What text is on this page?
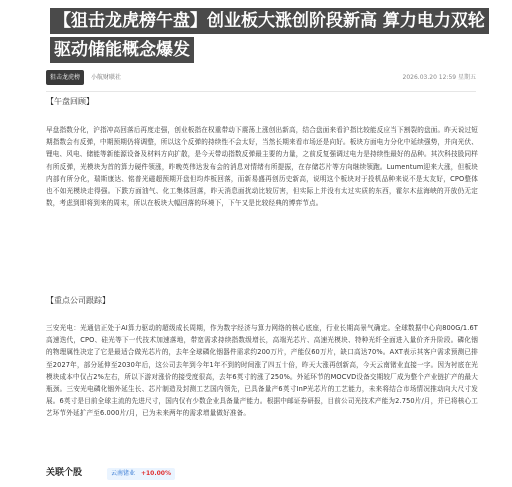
【狙击龙虎榜午盘】创业板大涨创阶段新高 算力电力双轮
驱动储能概念爆发
狙击龙虎榜	小航财联社	2026.03.20 12:59 星期五
【午盘回顾】

早盘指数分化，沪指冲高回落后再度走强，创业板指在权重带动下震荡上涨创出新高，结合盘面来看沪指比较能反应当下割裂的盘面。昨天说过短期指数会有反弹，中期预期仍将调整，所以这个反弹的持续性不会太好，当然长期来看市场还是向好。板块方面电力分化中延续强势，并向光伏、锂电、风电、储能等新能源设备及材料方向扩散，是今天带动指数反弹最主要的力量，之前反复强调过电力是持续性最好的品种。其次科技股同样有所反弹，光模块为首的算力硬件领涨，昨晚英伟达发布会的消息对情绪有所提振，在存储芯片等方向继续领跑。Lumentum迎来大涨，但板块内部有所分化，瑞斯康达、铭普光磁超预期开盘但均炸板回落，而新易盛再创历史新高，说明这个板块对于投机品种来说不是太友好，CPO整体也不如光模块走得强。下跌方面油气、化工集体回落，昨天消息面扰动比较厉害，但实际上并没有太过实质的东西，霍尔木兹海峡的开放仍无定数，考虑到即将到来的周末，所以在板块大幅回落的环境下，下午又是比较经典的博弈节点。

【重点公司跟踪】

三安光电：光通信正处于AI算力驱动的超级成长周期，作为数字经济与算力网络的核心底座，行业长期高景气确定。全球数据中心向800G/1.6T高速迭代，CPO、硅光等下一代技术加速落地，带宽需求持续指数级增长，高端光芯片、高速光模块、特种光纤全面进入量价齐升阶段。磷化铟的物理属性决定了它是最适合做光芯片的，去年全球磷化铟器件需求约200万片，产能仅60万片，缺口高达70%。AXT表示其客户需求预测已排至2027年，部分延伸至2030年后，这公司去年到今年1年不到的时间涨了四五十倍，昨天大涨再创新高，今天云南锗业直接一字。因为衬底在光模块成本中仅占2%左右，所以下游对涨价的接受度很高，去年6英寸的涨了250%。外延环节的MOCVD设备交期较厂成为整个产业链扩产的最大瓶颈。三安光电磷化铟外延生长、芯片制造及封测工艺国内领先，已具备量产6英寸InP光芯片的工艺能力，未来将结合市场情况推动向大尺寸发展。6英寸是目前全球主流的先进尺寸，国内仅有少数企业具备量产能力。根据中邮证券研报，目前公司光技术产能为2.750片/月，并已将核心工艺环节外延扩产至6.000片/月，已为未来两年的需求增量做好准备。

关联个股	云南锗业 +10.00%
